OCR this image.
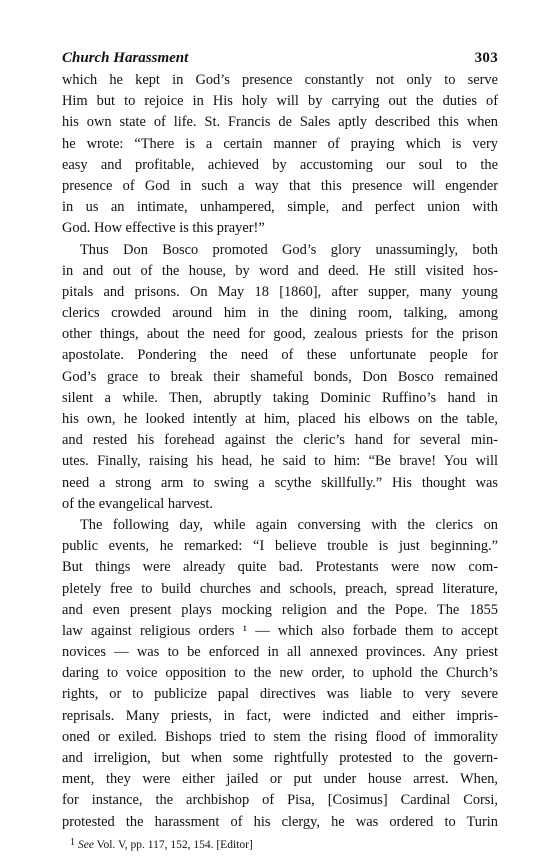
Church Harassment	303
which he kept in God’s presence constantly not only to serve
Him but to rejoice in His holy will by carrying out the duties of
his own state of life. St. Francis de Sales aptly described this when
he wrote: “There is a certain manner of praying which is very
easy and profitable, achieved by accustoming our soul to the
presence of God in such a way that this presence will engender
in us an intimate, unhampered, simple, and perfect union with
God. How effective is this prayer!”
Thus Don Bosco promoted God’s glory unassumingly, both
in and out of the house, by word and deed. He still visited hos-
pitals and prisons. On May 18 [1860], after supper, many young
clerics crowded around him in the dining room, talking, among
other things, about the need for good, zealous priests for the prison
apostolate. Pondering the need of these unfortunate people for
God’s grace to break their shameful bonds, Don Bosco remained
silent a while. Then, abruptly taking Dominic Ruffino’s hand in
his own, he looked intently at him, placed his elbows on the table,
and rested his forehead against the cleric’s hand for several min-
utes. Finally, raising his head, he said to him: “Be brave! You will
need a strong arm to swing a scythe skillfully.” His thought was
of the evangelical harvest.
The following day, while again conversing with the clerics on
public events, he remarked: “I believe trouble is just beginning.”
But things were already quite bad. Protestants were now com-
pletely free to build churches and schools, preach, spread literature,
and even present plays mocking religion and the Pope. The 1855
law against religious orders ¹ — which also forbade them to accept
novices — was to be enforced in all annexed provinces. Any priest
daring to voice opposition to the new order, to uphold the Church’s
rights, or to publicize papal directives was liable to very severe
reprisals. Many priests, in fact, were indicted and either impris-
oned or exiled. Bishops tried to stem the rising flood of immorality
and irreligion, but when some rightfully protested to the govern-
ment, they were either jailed or put under house arrest. When,
for instance, the archbishop of Pisa, [Cosimus] Cardinal Corsi,
protested the harassment of his clergy, he was ordered to Turin
1 See Vol. V, pp. 117, 152, 154. [Editor]
